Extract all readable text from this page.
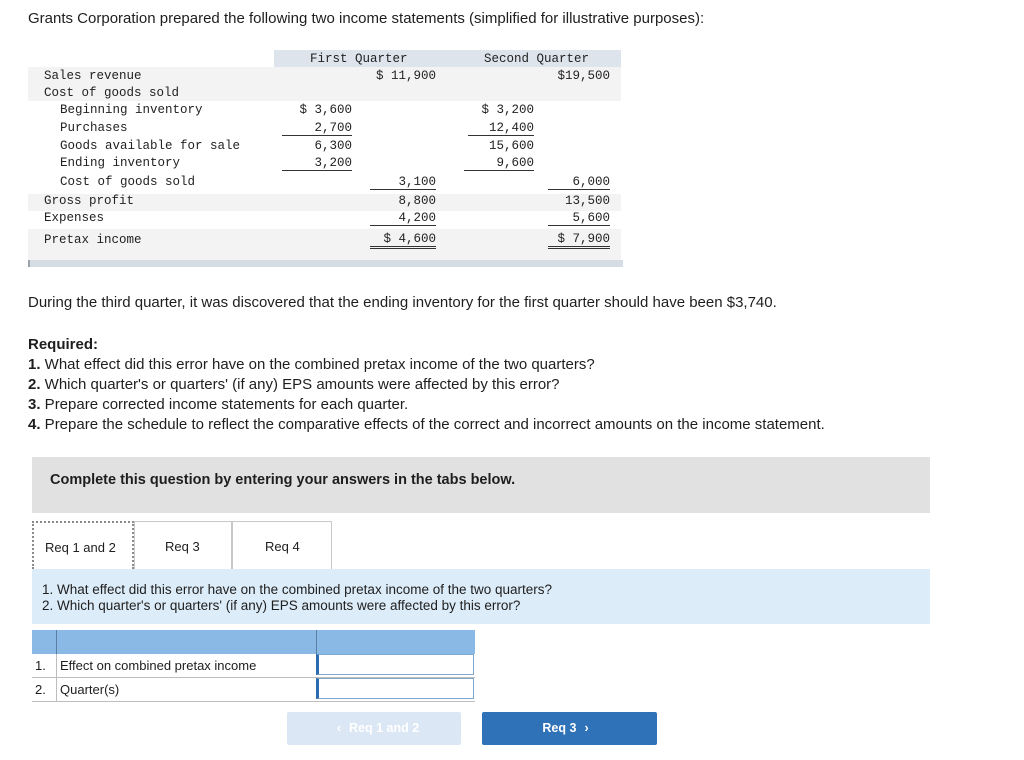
Grants Corporation prepared the following two income statements (simplified for illustrative purposes):

First Quarter	Second Quarter
Sales revenue	$ 11,900	$19,500
Cost of goods sold
Beginning inventory	$ 3,600	$ 3,200
Purchases	2,700	12,400
Goods available for sale	6,300	15,600
Ending inventory	3,200	9,600
Cost of goods sold	3,100	6,000
Gross profit	8,800	13,500
Expenses	4,200	5,600
Pretax income	$ 4,600	$ 7,900

During the third quarter, it was discovered that the ending inventory for the first quarter should have been $3,740.

Required:
1. What effect did this error have on the combined pretax income of the two quarters?
2. Which quarter's or quarters' (if any) EPS amounts were affected by this error?
3. Prepare corrected income statements for each quarter.
4. Prepare the schedule to reflect the comparative effects of the correct and incorrect amounts on the income statement.
Complete this question by entering your answers in the tabs below.
Req 1 and 2	Req 3	Req 4
1. What effect did this error have on the combined pretax income of the two quarters?
2. Which quarter's or quarters' (if any) EPS amounts were affected by this error?
1. Effect on combined pretax income
2. Quarter(s)
‹ Req 1 and 2	Req 3 ›
